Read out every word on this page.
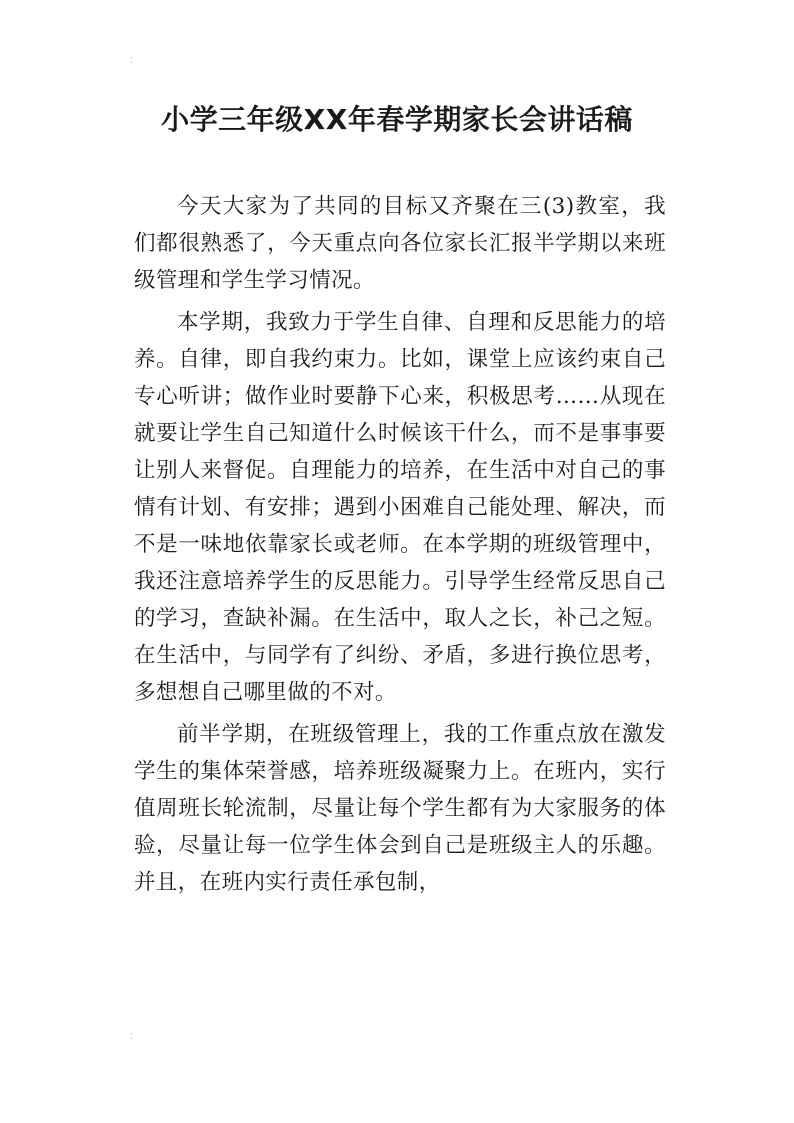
⁚
小学三年级XX年春学期家长会讲话稿

今天大家为了共同的目标又齐聚在三(3)教室，我们都很熟悉了，今天重点向各位家长汇报半学期以来班级管理和学生学习情况。

本学期，我致力于学生自律、自理和反思能力的培养。自律，即自我约束力。比如，课堂上应该约束自己专心听讲；做作业时要静下心来，积极思考……从现在就要让学生自己知道什么时候该干什么，而不是事事要让别人来督促。自理能力的培养，在生活中对自己的事情有计划、有安排；遇到小困难自己能处理、解决，而不是一味地依靠家长或老师。在本学期的班级管理中，我还注意培养学生的反思能力。引导学生经常反思自己的学习，查缺补漏。在生活中，取人之长，补己之短。在生活中，与同学有了纠纷、矛盾，多进行换位思考，多想想自己哪里做的不对。

前半学期，在班级管理上，我的工作重点放在激发学生的集体荣誉感，培养班级凝聚力上。在班内，实行值周班长轮流制，尽量让每个学生都有为大家服务的体验，尽量让每一位学生体会到自己是班级主人的乐趣。并且，在班内实行责任承包制，

⁚
